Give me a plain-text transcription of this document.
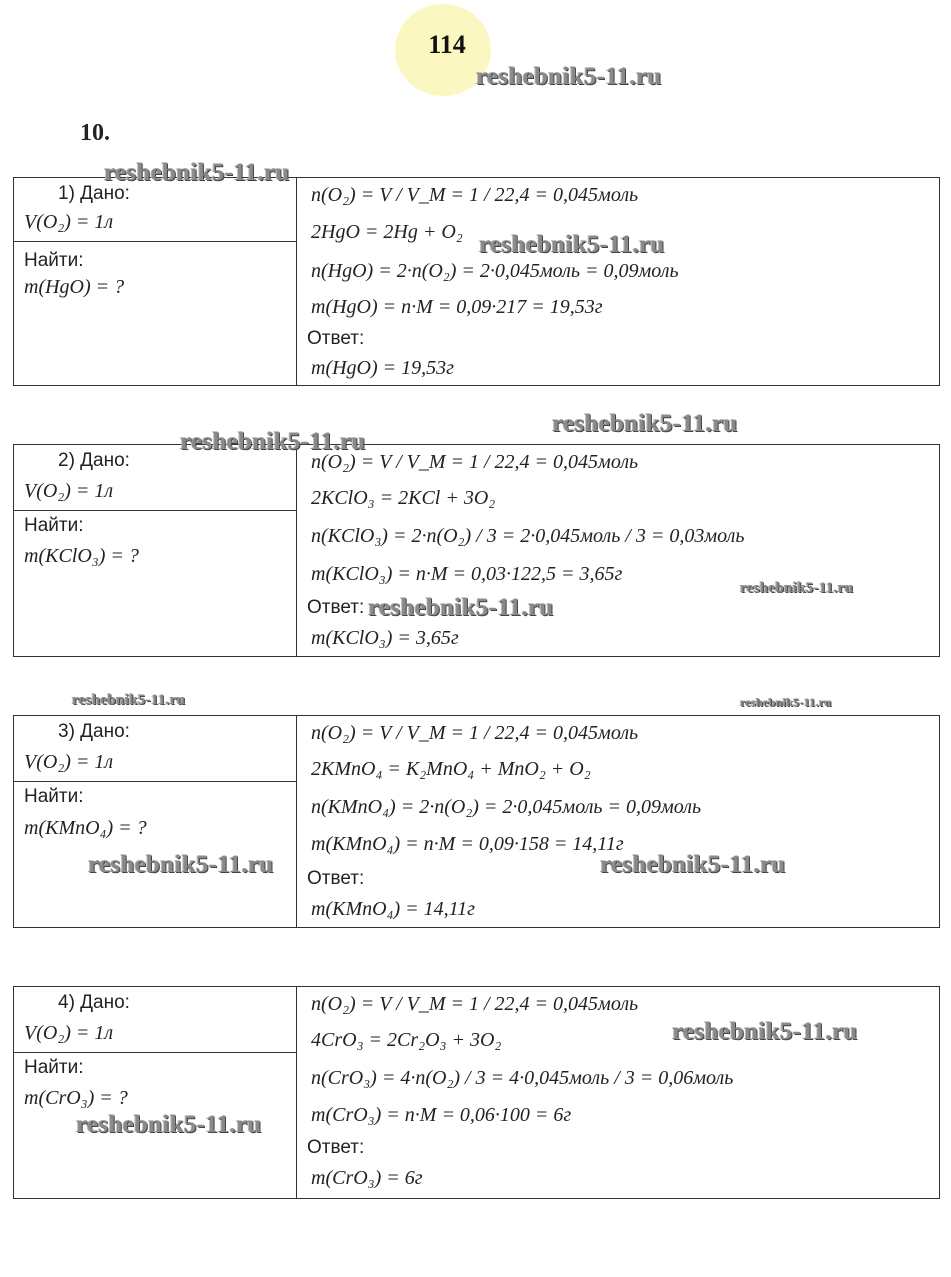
114
10.
1) Дано:
V(O₂) = 1л
Найти:
m(HgO) = ?
n(O₂) = V / V_M = 1 / 22,4 = 0,045моль
2HgO = 2Hg + O₂
n(HgO) = 2·n(O₂) = 2·0,045моль = 0,09моль
m(HgO) = n·M = 0,09·217 = 19,53г
Ответ:
m(HgO) = 19,53г
2) Дано:
V(O₂) = 1л
Найти:
m(KClO₃) = ?
n(O₂) = V / V_M = 1 / 22,4 = 0,045моль
2KClO₃ = 2KCl + 3O₂
n(KClO₃) = 2·n(O₂) / 3 = 2·0,045моль / 3 = 0,03моль
m(KClO₃) = n·M = 0,03·122,5 = 3,65г
Ответ:
m(KClO₃) = 3,65г
3) Дано:
V(O₂) = 1л
Найти:
m(KMnO₄) = ?
n(O₂) = V / V_M = 1 / 22,4 = 0,045моль
2KMnO₄ = K₂MnO₄ + MnO₂ + O₂
n(KMnO₄) = 2·n(O₂) = 2·0,045моль = 0,09моль
m(KMnO₄) = n·M = 0,09·158 = 14,11г
Ответ:
m(KMnO₄) = 14,11г
4) Дано:
V(O₂) = 1л
Найти:
m(CrO₃) = ?
n(O₂) = V / V_M = 1 / 22,4 = 0,045моль
4CrO₃ = 2Cr₂O₃ + 3O₂
n(CrO₃) = 4·n(O₂) / 3 = 4·0,045моль / 3 = 0,06моль
m(CrO₃) = n·M = 0,06·100 = 6г
Ответ:
m(CrO₃) = 6г
reshebnik5-11.ru
reshebnik5-11.ru
reshebnik5-11.ru
reshebnik5-11.ru
reshebnik5-11.ru
reshebnik5-11.ru
reshebnik5-11.ru
reshebnik5-11.ru	reshebnik5-11.ru
reshebnik5-11.ru	reshebnik5-11.ru
reshebnik5-11.ru
reshebnik5-11.ru
